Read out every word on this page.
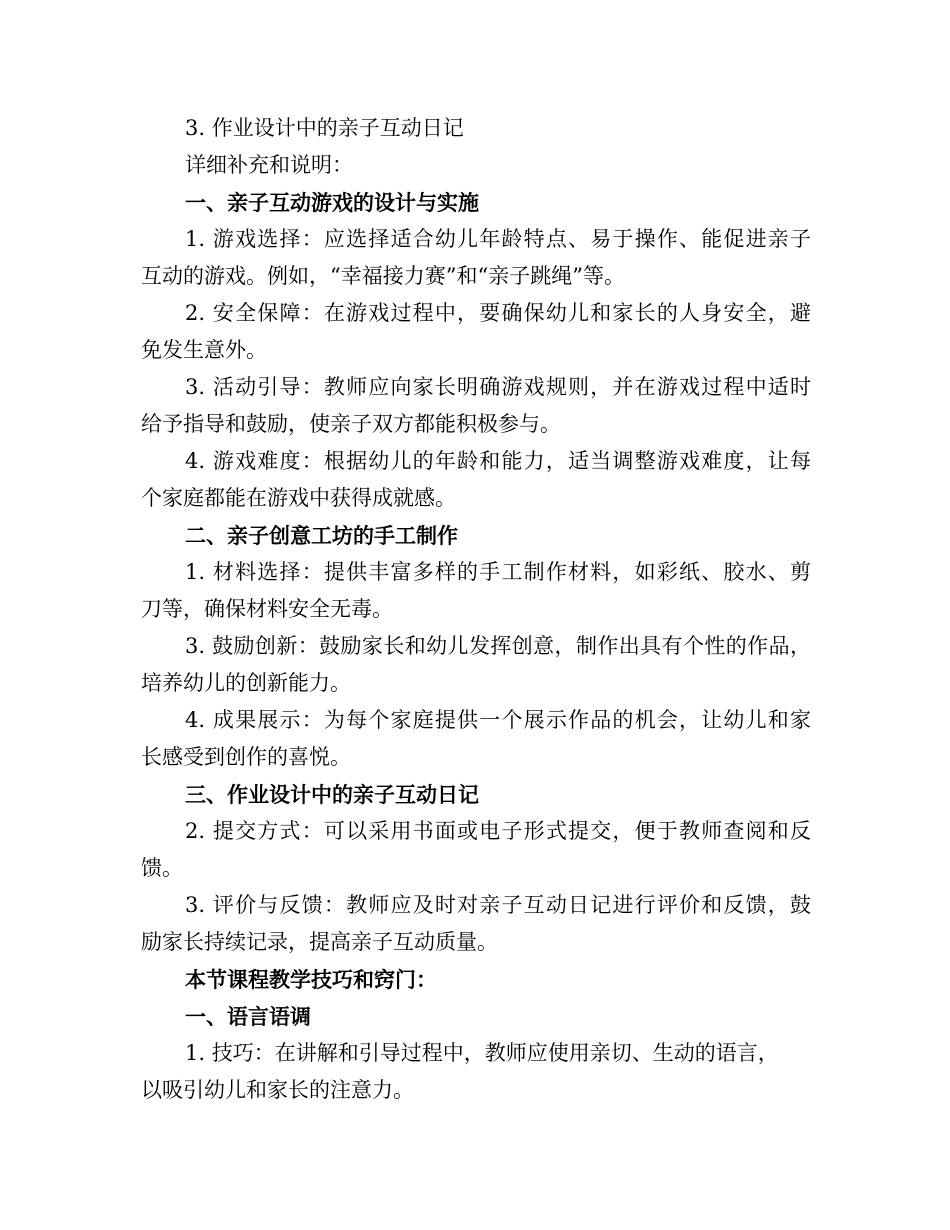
3. 作业设计中的亲子互动日记
详细补充和说明：
一、亲子互动游戏的设计与实施
1. 游戏选择：应选择适合幼儿年龄特点、易于操作、能促进亲子
互动的游戏。例如，“幸福接力赛”和“亲子跳绳”等。
2. 安全保障：在游戏过程中，要确保幼儿和家长的人身安全，避
免发生意外。
3. 活动引导：教师应向家长明确游戏规则，并在游戏过程中适时
给予指导和鼓励，使亲子双方都能积极参与。
4. 游戏难度：根据幼儿的年龄和能力，适当调整游戏难度，让每
个家庭都能在游戏中获得成就感。
二、亲子创意工坊的手工制作
1. 材料选择：提供丰富多样的手工制作材料，如彩纸、胶水、剪
刀等，确保材料安全无毒。
3. 鼓励创新：鼓励家长和幼儿发挥创意，制作出具有个性的作品，
培养幼儿的创新能力。
4. 成果展示：为每个家庭提供一个展示作品的机会，让幼儿和家
长感受到创作的喜悦。
三、作业设计中的亲子互动日记
2. 提交方式：可以采用书面或电子形式提交，便于教师查阅和反
馈。
3. 评价与反馈：教师应及时对亲子互动日记进行评价和反馈，鼓
励家长持续记录，提高亲子互动质量。
本节课程教学技巧和窍门：
一、语言语调
1. 技巧：在讲解和引导过程中，教师应使用亲切、生动的语言，
以吸引幼儿和家长的注意力。
